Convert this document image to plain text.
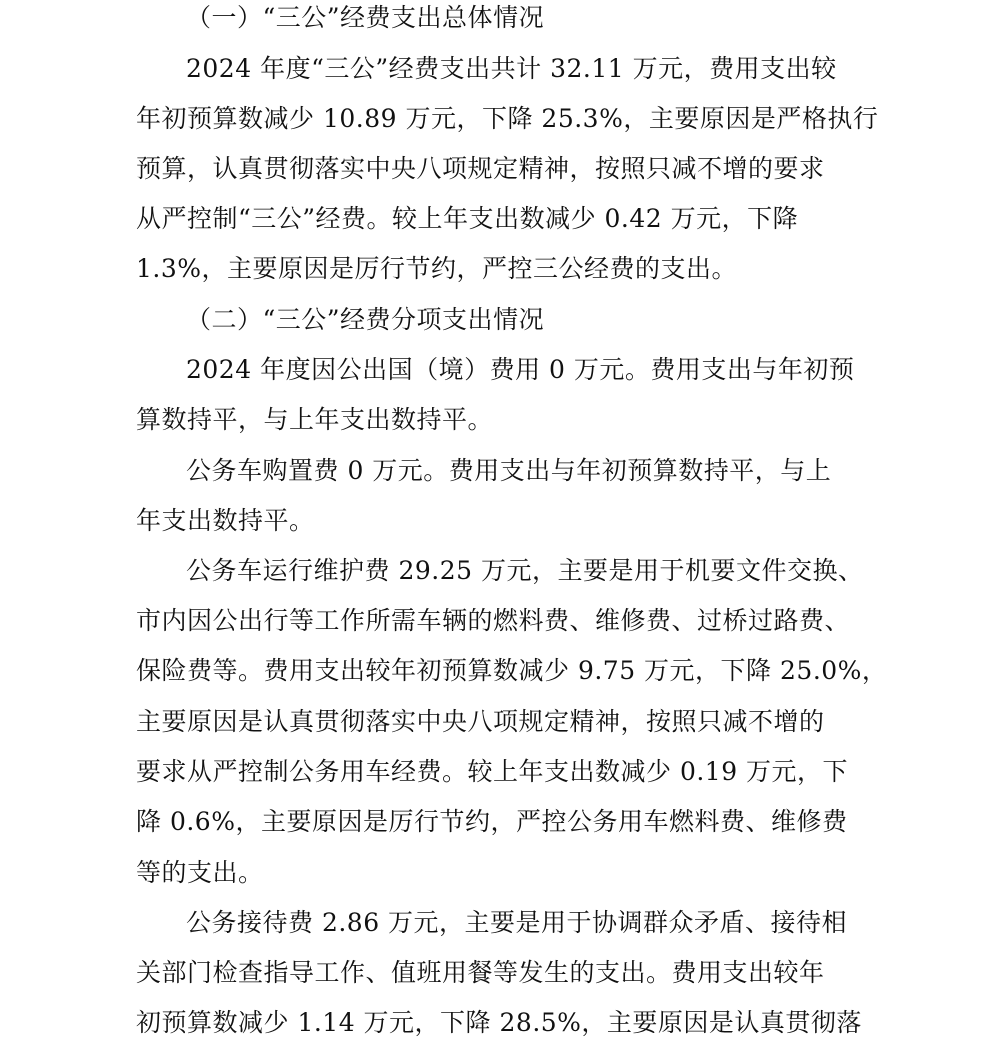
（一）“三公”经费支出总体情况
2024 年度“三公”经费支出共计 32.11 万元，费用支出较
年初预算数减少 10.89 万元，下降 25.3%，主要原因是严格执行
预算，认真贯彻落实中央八项规定精神，按照只减不增的要求
从严控制“三公”经费。较上年支出数减少 0.42 万元，下降
1.3%，主要原因是厉行节约，严控三公经费的支出。
（二）“三公”经费分项支出情况
2024 年度因公出国（境）费用 0 万元。费用支出与年初预
算数持平，与上年支出数持平。
公务车购置费 0 万元。费用支出与年初预算数持平，与上
年支出数持平。
公务车运行维护费 29.25 万元，主要是用于机要文件交换、
市内因公出行等工作所需车辆的燃料费、维修费、过桥过路费、
保险费等。费用支出较年初预算数减少 9.75 万元，下降 25.0%，
主要原因是认真贯彻落实中央八项规定精神，按照只减不增的
要求从严控制公务用车经费。较上年支出数减少 0.19 万元，下
降 0.6%，主要原因是厉行节约，严控公务用车燃料费、维修费
等的支出。
公务接待费 2.86 万元，主要是用于协调群众矛盾、接待相
关部门检查指导工作、值班用餐等发生的支出。费用支出较年
初预算数减少 1.14 万元，下降 28.5%，主要原因是认真贯彻落
